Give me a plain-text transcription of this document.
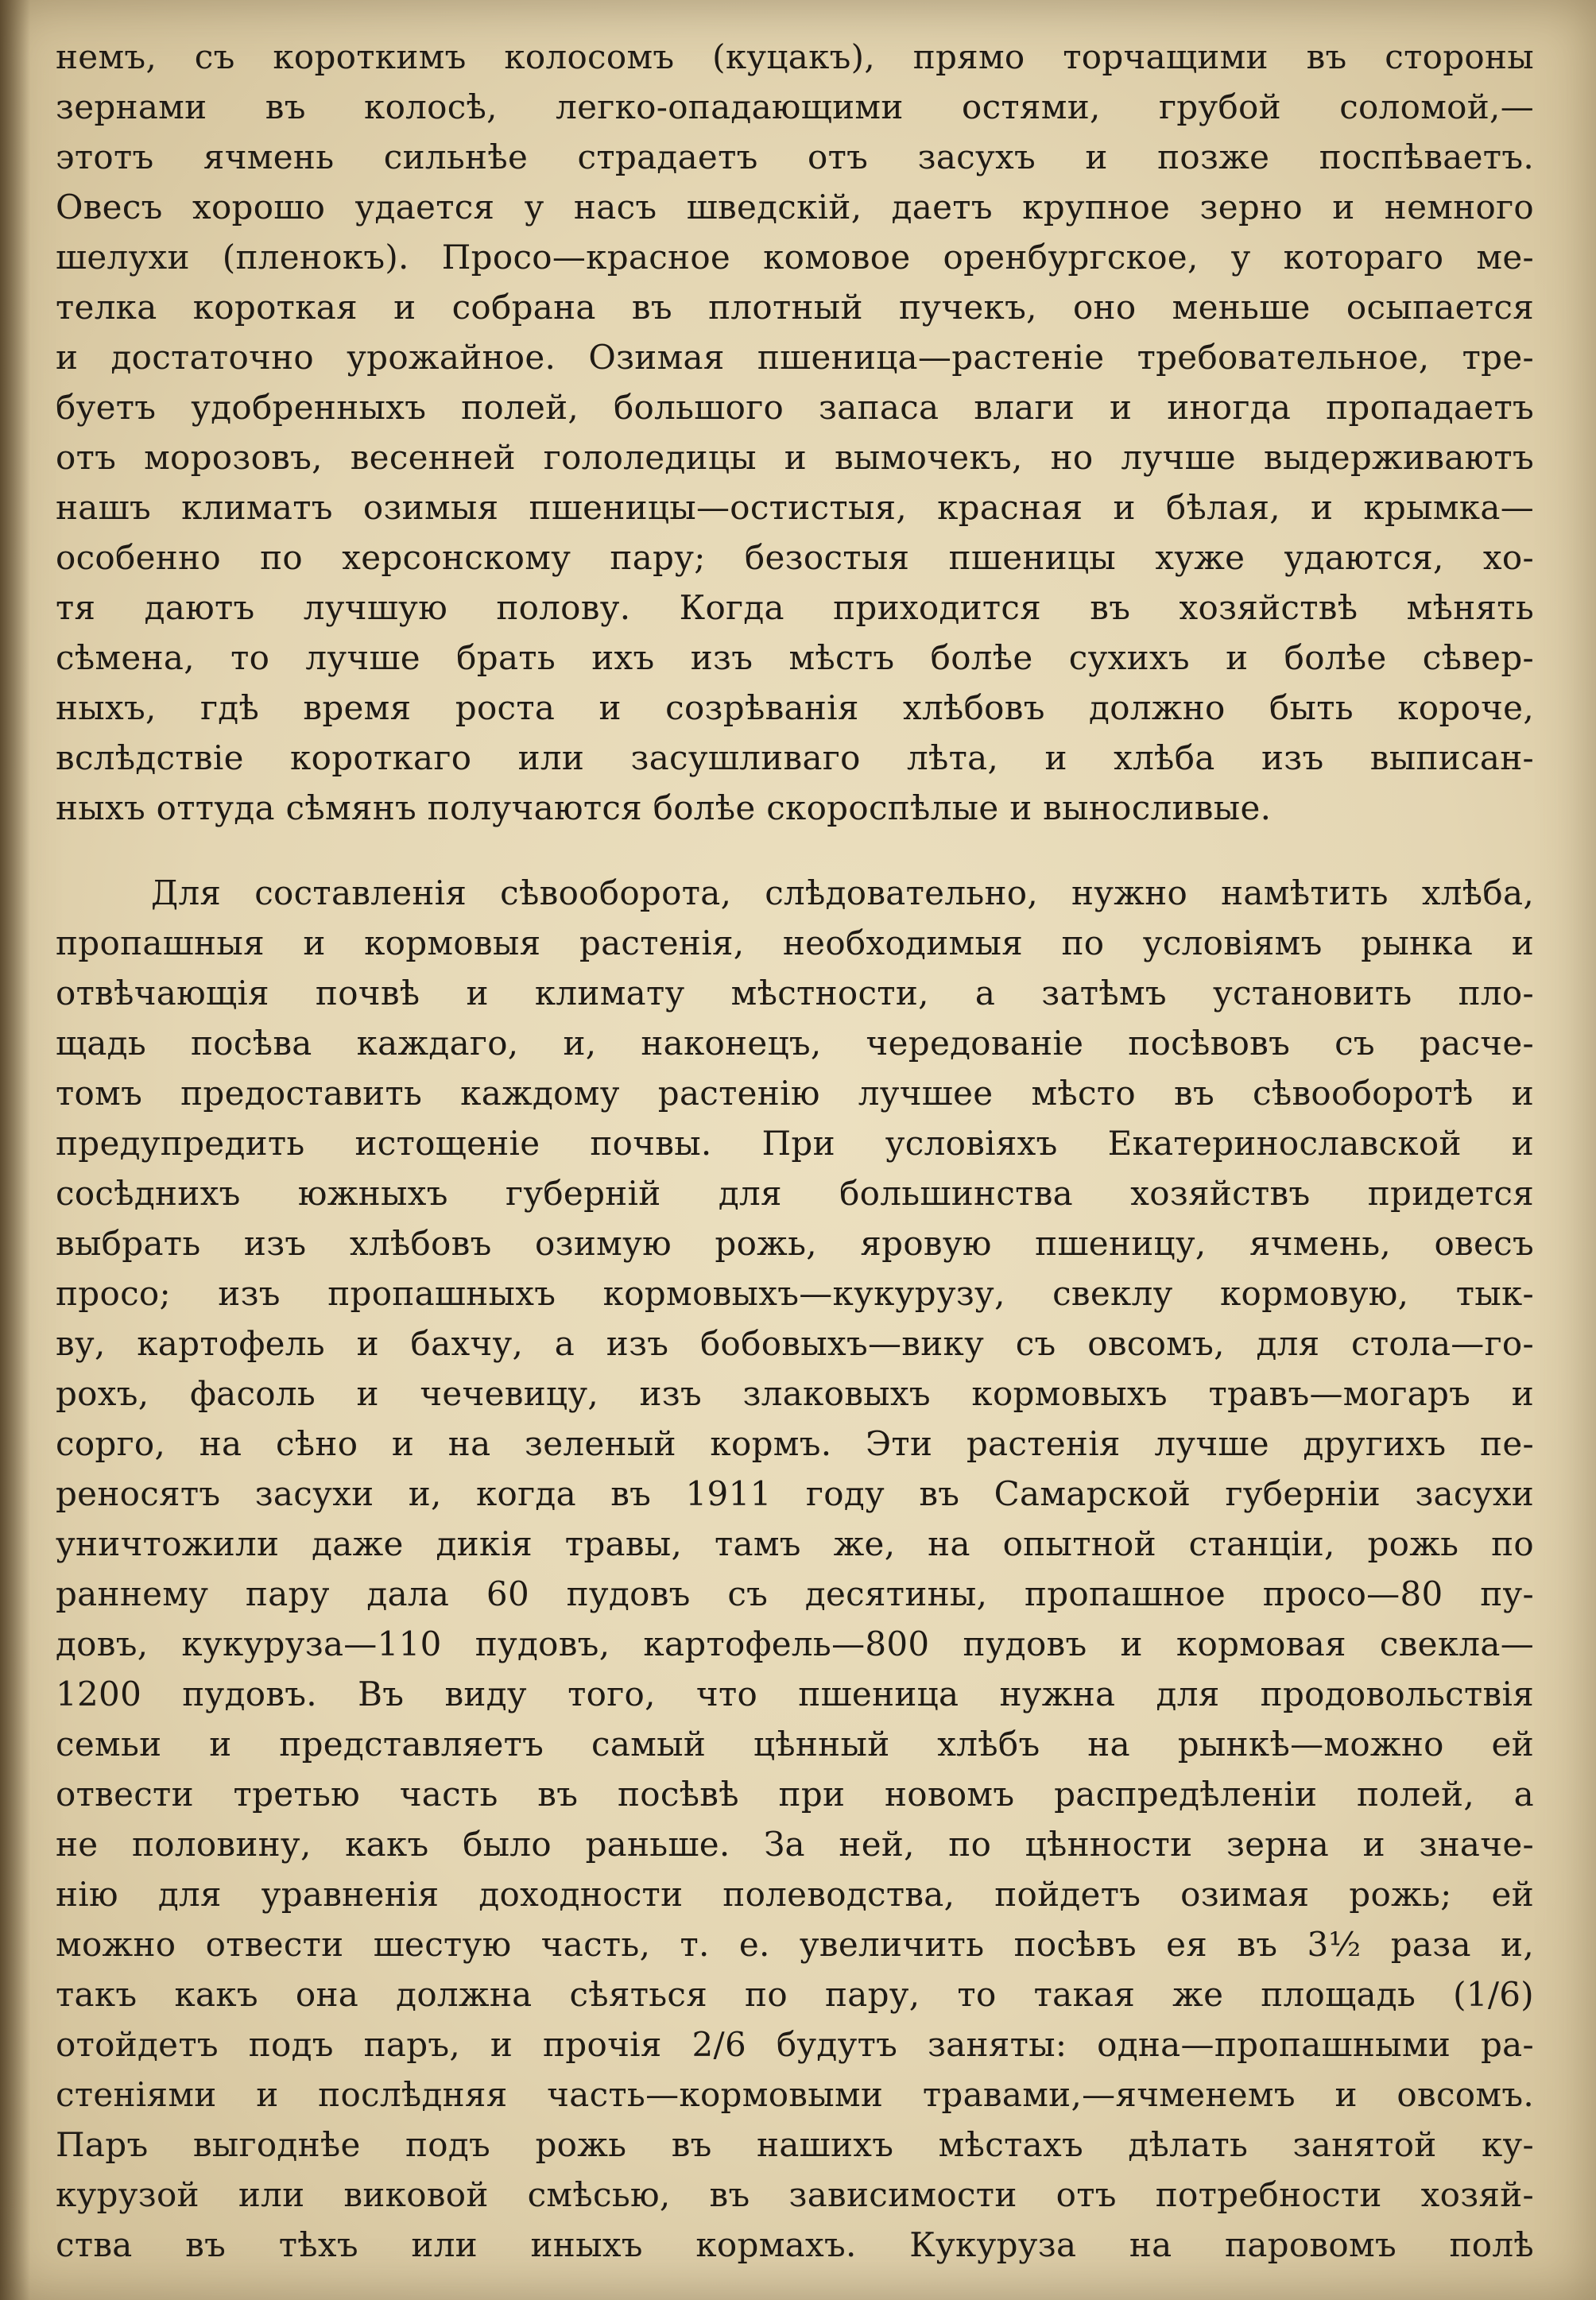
немъ, съ короткимъ колосомъ (куцакъ), прямо торчащими въ стороны
зернами въ колосѣ, легко-опадающими остями, грубой соломой,—
этотъ ячмень сильнѣе страдаетъ отъ засухъ и позже поспѣваетъ.
Овесъ хорошо удается у насъ шведскій, даетъ крупное зерно и немного
шелухи (пленокъ). Просо—красное комовое оренбургское, у котораго ме-
телка короткая и собрана въ плотный пучекъ, оно меньше осыпается
и достаточно урожайное. Озимая пшеница—растеніе требовательное, тре-
буетъ удобренныхъ полей, большого запаса влаги и иногда пропадаетъ
отъ морозовъ, весенней гололедицы и вымочекъ, но лучше выдерживаютъ
нашъ климатъ озимыя пшеницы—остистыя, красная и бѣлая, и крымка—
особенно по херсонскому пару; безостыя пшеницы хуже удаются, хо-
тя даютъ лучшую полову. Когда приходится въ хозяйствѣ мѣнять
сѣмена, то лучше брать ихъ изъ мѣстъ болѣе сухихъ и болѣе сѣвер-
ныхъ, гдѣ время роста и созрѣванія хлѣбовъ должно быть короче,
вслѣдствіе короткаго или засушливаго лѣта, и хлѣба изъ выписан-
ныхъ оттуда сѣмянъ получаются болѣе скороспѣлые и выносливые.
Для составленія сѣвооборота, слѣдовательно, нужно намѣтить хлѣба,
пропашныя и кормовыя растенія, необходимыя по условіямъ рынка и
отвѣчающія почвѣ и климату мѣстности, а затѣмъ установить пло-
щадь посѣва каждаго, и, наконецъ, чередованіе посѣвовъ съ расче-
томъ предоставить каждому растенію лучшее мѣсто въ сѣвооборотѣ и
предупредить истощеніе почвы. При условіяхъ Екатеринославской и
сосѣднихъ южныхъ губерній для большинства хозяйствъ придется
выбрать изъ хлѣбовъ озимую рожь, яровую пшеницу, ячмень, овесъ
просо; изъ пропашныхъ кормовыхъ—кукурузу, свеклу кормовую, тык-
ву, картофель и бахчу, а изъ бобовыхъ—вику съ овсомъ, для стола—го-
рохъ, фасоль и чечевицу, изъ злаковыхъ кормовыхъ травъ—могаръ и
сорго, на сѣно и на зеленый кормъ. Эти растенія лучше другихъ пе-
реносятъ засухи и, когда въ 1911 году въ Самарской губерніи засухи
уничтожили даже дикія травы, тамъ же, на опытной станціи, рожь по
раннему пару дала 60 пудовъ съ десятины, пропашное просо—80 пу-
довъ, кукуруза—110 пудовъ, картофель—800 пудовъ и кормовая свекла—
1200 пудовъ. Въ виду того, что пшеница нужна для продовольствія
семьи и представляетъ самый цѣнный хлѣбъ на рынкѣ—можно ей
отвести третью часть въ посѣвѣ при новомъ распредѣленіи полей, а
не половину, какъ было раньше. За ней, по цѣнности зерна и значе-
нію для уравненія доходности полеводства, пойдетъ озимая рожь; ей
можно отвести шестую часть, т. е. увеличить посѣвъ ея въ 3½ раза и,
такъ какъ она должна сѣяться по пару, то такая же площадь (1/6)
отойдетъ подъ паръ, и прочія 2/6 будутъ заняты: одна—пропашными ра-
стеніями и послѣдняя часть—кормовыми травами,—ячменемъ и овсомъ.
Паръ выгоднѣе подъ рожь въ нашихъ мѣстахъ дѣлать занятой ку-
курузой или виковой смѣсью, въ зависимости отъ потребности хозяй-
ства въ тѣхъ или иныхъ кормахъ. Кукуруза на паровомъ полѣ
